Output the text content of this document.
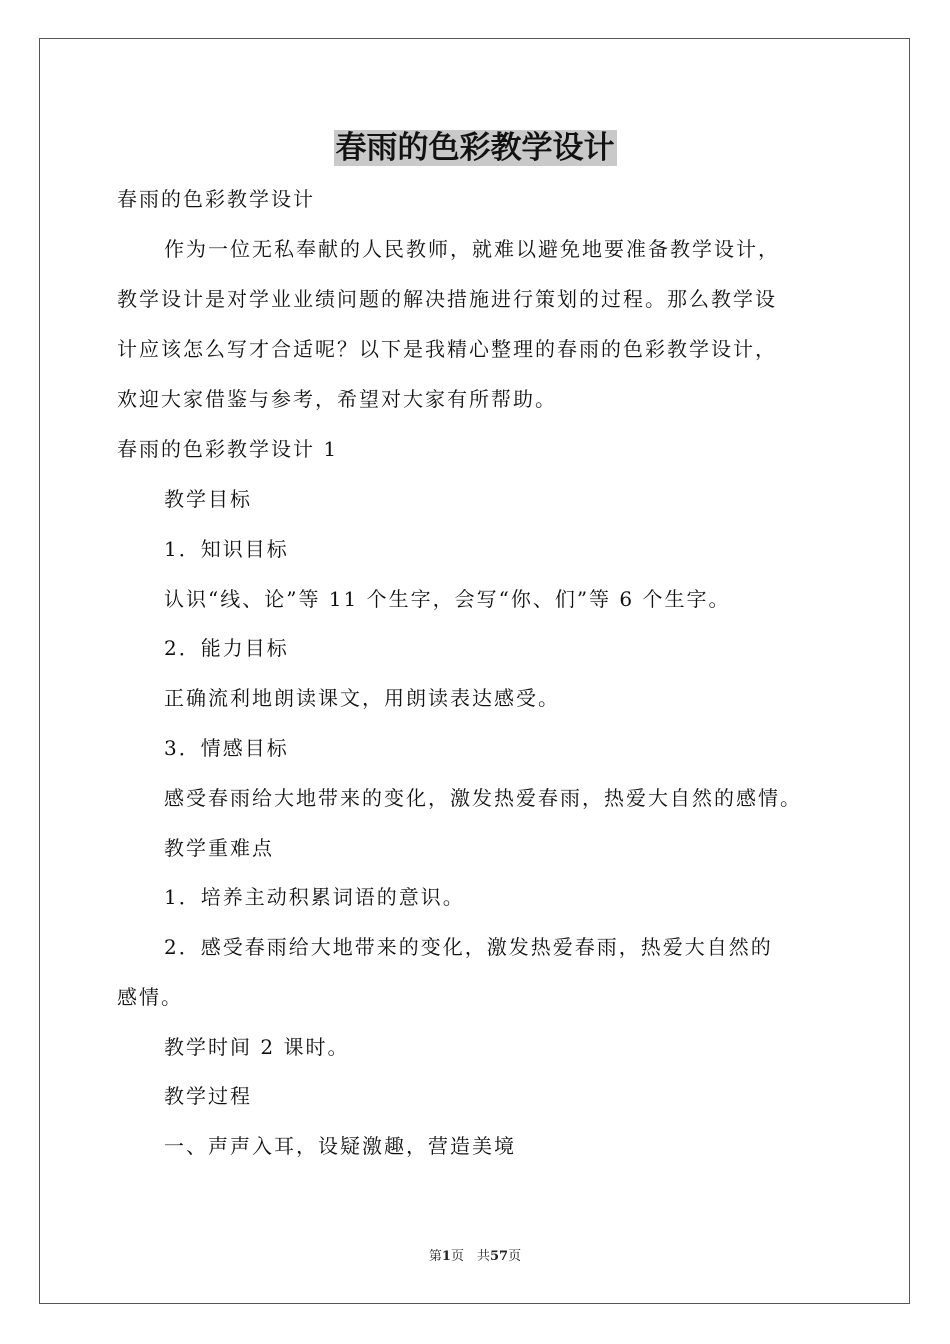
春雨的色彩教学设计

春雨的色彩教学设计

作为一位无私奉献的人民教师，就难以避免地要准备教学设计，

教学设计是对学业业绩问题的解决措施进行策划的过程。那么教学设

计应该怎么写才合适呢？以下是我精心整理的春雨的色彩教学设计，

欢迎大家借鉴与参考，希望对大家有所帮助。

春雨的色彩教学设计 1

教学目标

1．知识目标

认识“线、论”等 11 个生字，会写“你、们”等 6 个生字。

2．能力目标

正确流利地朗读课文，用朗读表达感受。

3．情感目标

感受春雨给大地带来的变化，激发热爱春雨，热爱大自然的感情。

教学重难点

1．培养主动积累词语的意识。

2．感受春雨给大地带来的变化，激发热爱春雨，热爱大自然的

感情。

教学时间 2 课时。

教学过程

一、声声入耳，设疑激趣，营造美境

第1页　共57页
